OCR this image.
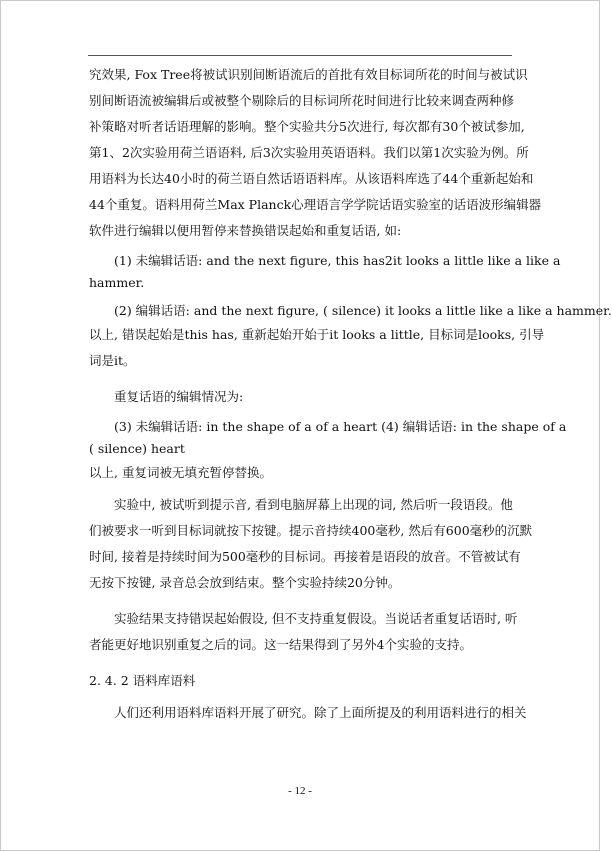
究效果, Fox Tree将被试识别间断语流后的首批有效目标词所花的时间与被试识
别间断语流被编辑后或被整个剔除后的目标词所花时间进行比较来调查两种修
补策略对听者话语理解的影响。整个实验共分5次进行, 每次都有30个被试参加,
第1、2次实验用荷兰语语料, 后3次实验用英语语料。我们以第1次实验为例。所
用语料为长达40小时的荷兰语自然话语语料库。从该语料库选了44个重新起始和
44个重复。语料用荷兰Max Planck心理语言学学院话语实验室的话语波形编辑器
软件进行编辑以便用暂停来替换错误起始和重复话语, 如:
(1) 未编辑话语: and the next figure, this has2it looks a little like a like a
hammer.
(2) 编辑话语: and the next figure, ( silence) it looks a little like a like a hammer.
以上, 错误起始是this has, 重新起始开始于it looks a little, 目标词是looks, 引导
词是it。
重复话语的编辑情况为:
(3) 未编辑话语: in the shape of a of a heart (4) 编辑话语: in the shape of a
( silence) heart
以上, 重复词被无填充暂停替换。
实验中, 被试听到提示音, 看到电脑屏幕上出现的词, 然后听一段语段。他
们被要求一听到目标词就按下按键。提示音持续400毫秒, 然后有600毫秒的沉默
时间, 接着是持续时间为500毫秒的目标词。再接着是语段的放音。不管被试有
无按下按键, 录音总会放到结束。整个实验持续20分钟。
实验结果支持错误起始假设, 但不支持重复假设。当说话者重复话语时, 听
者能更好地识别重复之后的词。这一结果得到了另外4个实验的支持。
2. 4. 2 语料库语料
人们还利用语料库语料开展了研究。除了上面所提及的利用语料进行的相关
- 12 -
